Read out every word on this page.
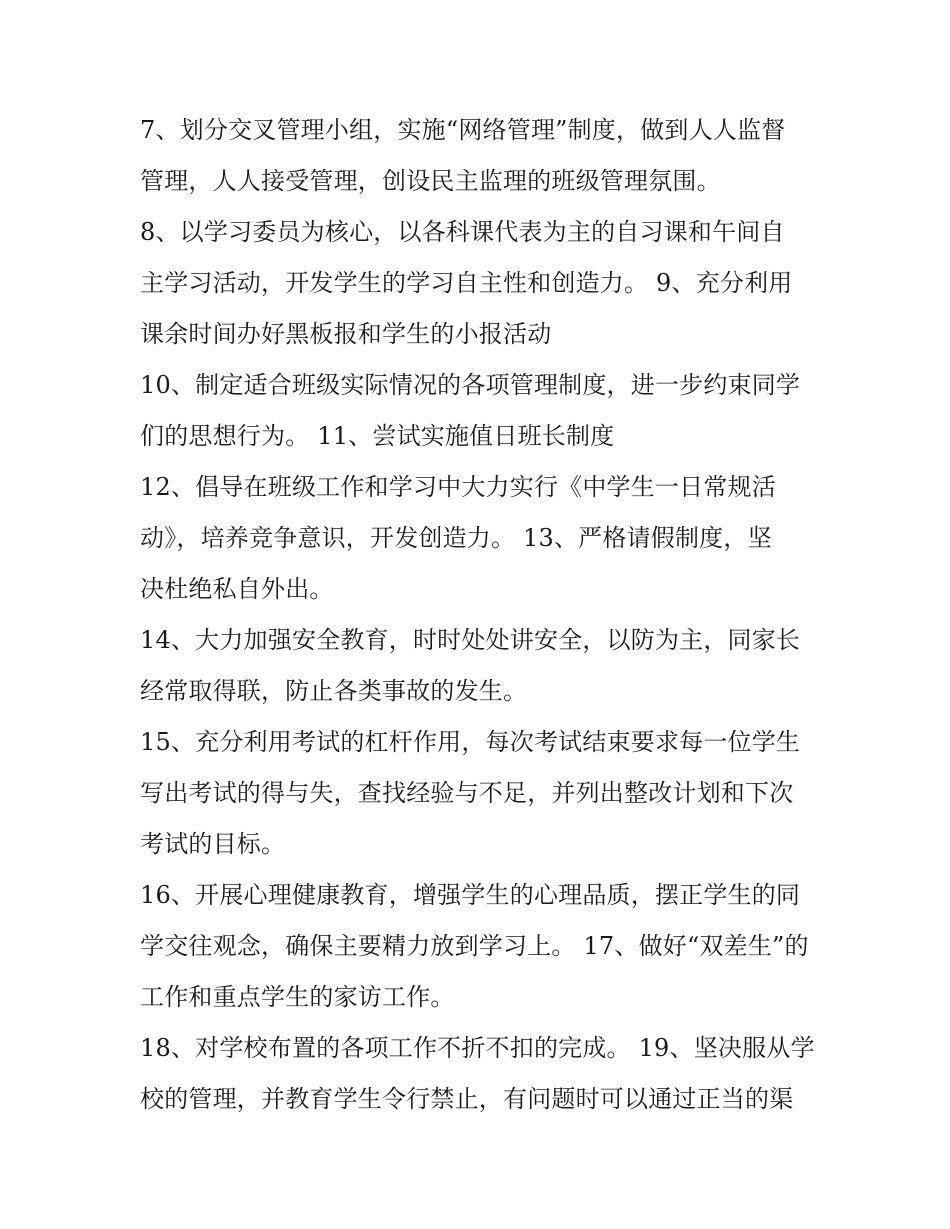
7、划分交叉管理小组，实施“网络管理”制度，做到人人监督
管理，人人接受管理，创设民主监理的班级管理氛围。
8、以学习委员为核心，以各科课代表为主的自习课和午间自
主学习活动，开发学生的学习自主性和创造力。 9、充分利用
课余时间办好黑板报和学生的小报活动
10、制定适合班级实际情况的各项管理制度，进一步约束同学
们的思想行为。 11、尝试实施值日班长制度
12、倡导在班级工作和学习中大力实行《中学生一日常规活
动》，培养竞争意识，开发创造力。 13、严格请假制度，坚
决杜绝私自外出。
14、大力加强安全教育，时时处处讲安全，以防为主，同家长
经常取得联，防止各类事故的发生。
15、充分利用考试的杠杆作用，每次考试结束要求每一位学生
写出考试的得与失，查找经验与不足，并列出整改计划和下次
考试的目标。
16、开展心理健康教育，增强学生的心理品质，摆正学生的同
学交往观念，确保主要精力放到学习上。 17、做好“双差生”的
工作和重点学生的家访工作。
18、对学校布置的各项工作不折不扣的完成。 19、坚决服从学
校的管理，并教育学生令行禁止，有问题时可以通过正当的渠
